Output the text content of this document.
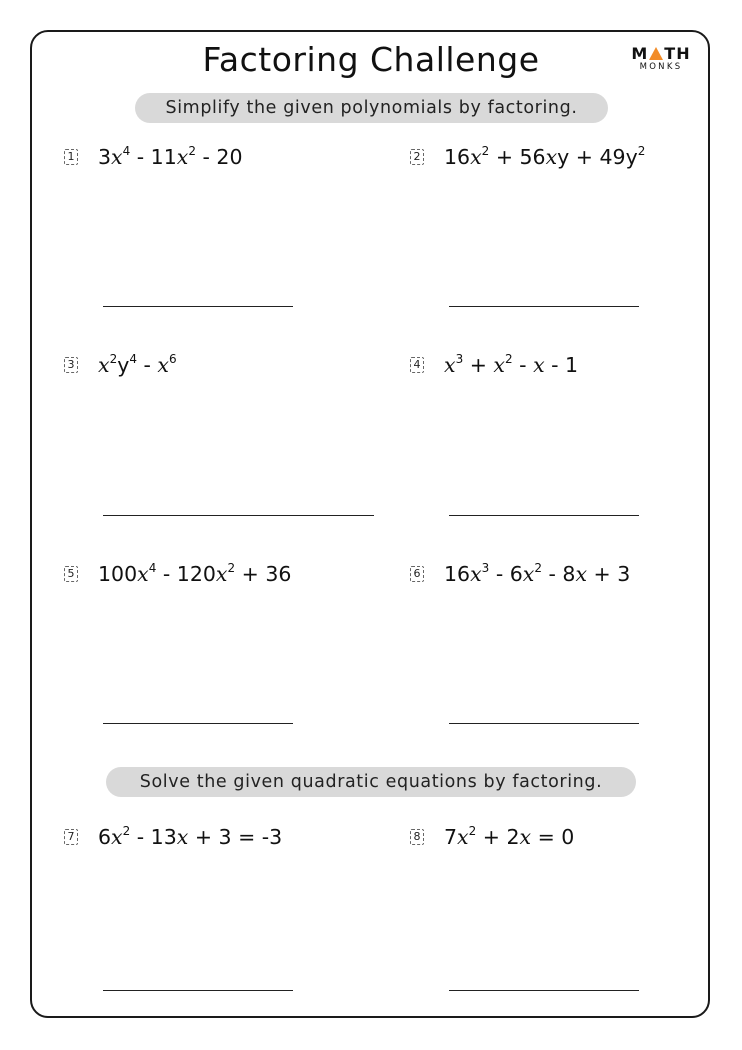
Factoring Challenge	M TH
MONKS
Simplify the given polynomials by factoring.
1 $3x^4 - 11x^2 - 20$	2 $16x^2 + 56xy + 49y^2$
3 $x^2y^4 - x^6$	4 $x^3 + x^2 - x - 1$
5 $100x^4 - 120x^2 + 36$	6 $16x^3 - 6x^2 - 8x + 3$
Solve the given quadratic equations by factoring.
7 $6x^2 - 13x + 3 = -3$	8 $7x^2 + 2x = 0$
